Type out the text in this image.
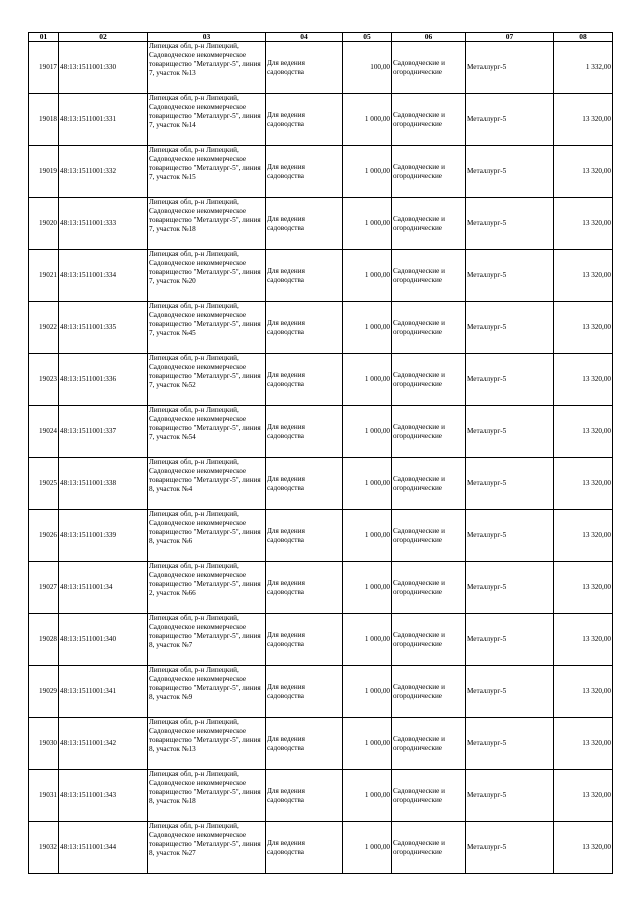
01	02	03	04	05	06	07	08
19017	48:13:1511001:330	Липецкая обл, р-н Липецкий, Садоводческое некоммерческое товарищество "Металлург-5", линия 7, участок №13	Для ведения садоводства	100,00	Садоводческие и огороднические	Металлург-5	1 332,00
19018	48:13:1511001:331	Липецкая обл, р-н Липецкий, Садоводческое некоммерческое товарищество "Металлург-5", линия 7, участок №14	Для ведения садоводства	1 000,00	Садоводческие и огороднические	Металлург-5	13 320,00
19019	48:13:1511001:332	Липецкая обл, р-н Липецкий, Садоводческое некоммерческое товарищество "Металлург-5", линия 7, участок №15	Для ведения садоводства	1 000,00	Садоводческие и огороднические	Металлург-5	13 320,00
19020	48:13:1511001:333	Липецкая обл, р-н Липецкий, Садоводческое некоммерческое товарищество "Металлург-5", линия 7, участок №18	Для ведения садоводства	1 000,00	Садоводческие и огороднические	Металлург-5	13 320,00
19021	48:13:1511001:334	Липецкая обл, р-н Липецкий, Садоводческое некоммерческое товарищество "Металлург-5", линия 7, участок №20	Для ведения садоводства	1 000,00	Садоводческие и огороднические	Металлург-5	13 320,00
19022	48:13:1511001:335	Липецкая обл, р-н Липецкий, Садоводческое некоммерческое товарищество "Металлург-5", линия 7, участок №45	Для ведения садоводства	1 000,00	Садоводческие и огороднические	Металлург-5	13 320,00
19023	48:13:1511001:336	Липецкая обл, р-н Липецкий, Садоводческое некоммерческое товарищество "Металлург-5", линия 7, участок №52	Для ведения садоводства	1 000,00	Садоводческие и огороднические	Металлург-5	13 320,00
19024	48:13:1511001:337	Липецкая обл, р-н Липецкий, Садоводческое некоммерческое товарищество "Металлург-5", линия 7, участок №54	Для ведения садоводства	1 000,00	Садоводческие и огороднические	Металлург-5	13 320,00
19025	48:13:1511001:338	Липецкая обл, р-н Липецкий, Садоводческое некоммерческое товарищество "Металлург-5", линия 8, участок №4	Для ведения садоводства	1 000,00	Садоводческие и огороднические	Металлург-5	13 320,00
19026	48:13:1511001:339	Липецкая обл, р-н Липецкий, Садоводческое некоммерческое товарищество "Металлург-5", линия 8, участок №6	Для ведения садоводства	1 000,00	Садоводческие и огороднические	Металлург-5	13 320,00
19027	48:13:1511001:34	Липецкая обл, р-н Липецкий, Садоводческое некоммерческое товарищество "Металлург-5", линия 2, участок №66	Для ведения садоводства	1 000,00	Садоводческие и огороднические	Металлург-5	13 320,00
19028	48:13:1511001:340	Липецкая обл, р-н Липецкий, Садоводческое некоммерческое товарищество "Металлург-5", линия 8, участок №7	Для ведения садоводства	1 000,00	Садоводческие и огороднические	Металлург-5	13 320,00
19029	48:13:1511001:341	Липецкая обл, р-н Липецкий, Садоводческое некоммерческое товарищество "Металлург-5", линия 8, участок №9	Для ведения садоводства	1 000,00	Садоводческие и огороднические	Металлург-5	13 320,00
19030	48:13:1511001:342	Липецкая обл, р-н Липецкий, Садоводческое некоммерческое товарищество "Металлург-5", линия 8, участок №13	Для ведения садоводства	1 000,00	Садоводческие и огороднические	Металлург-5	13 320,00
19031	48:13:1511001:343	Липецкая обл, р-н Липецкий, Садоводческое некоммерческое товарищество "Металлург-5", линия 8, участок №18	Для ведения садоводства	1 000,00	Садоводческие и огороднические	Металлург-5	13 320,00
19032	48:13:1511001:344	Липецкая обл, р-н Липецкий, Садоводческое некоммерческое товарищество "Металлург-5", линия 8, участок №27	Для ведения садоводства	1 000,00	Садоводческие и огороднические	Металлург-5	13 320,00
